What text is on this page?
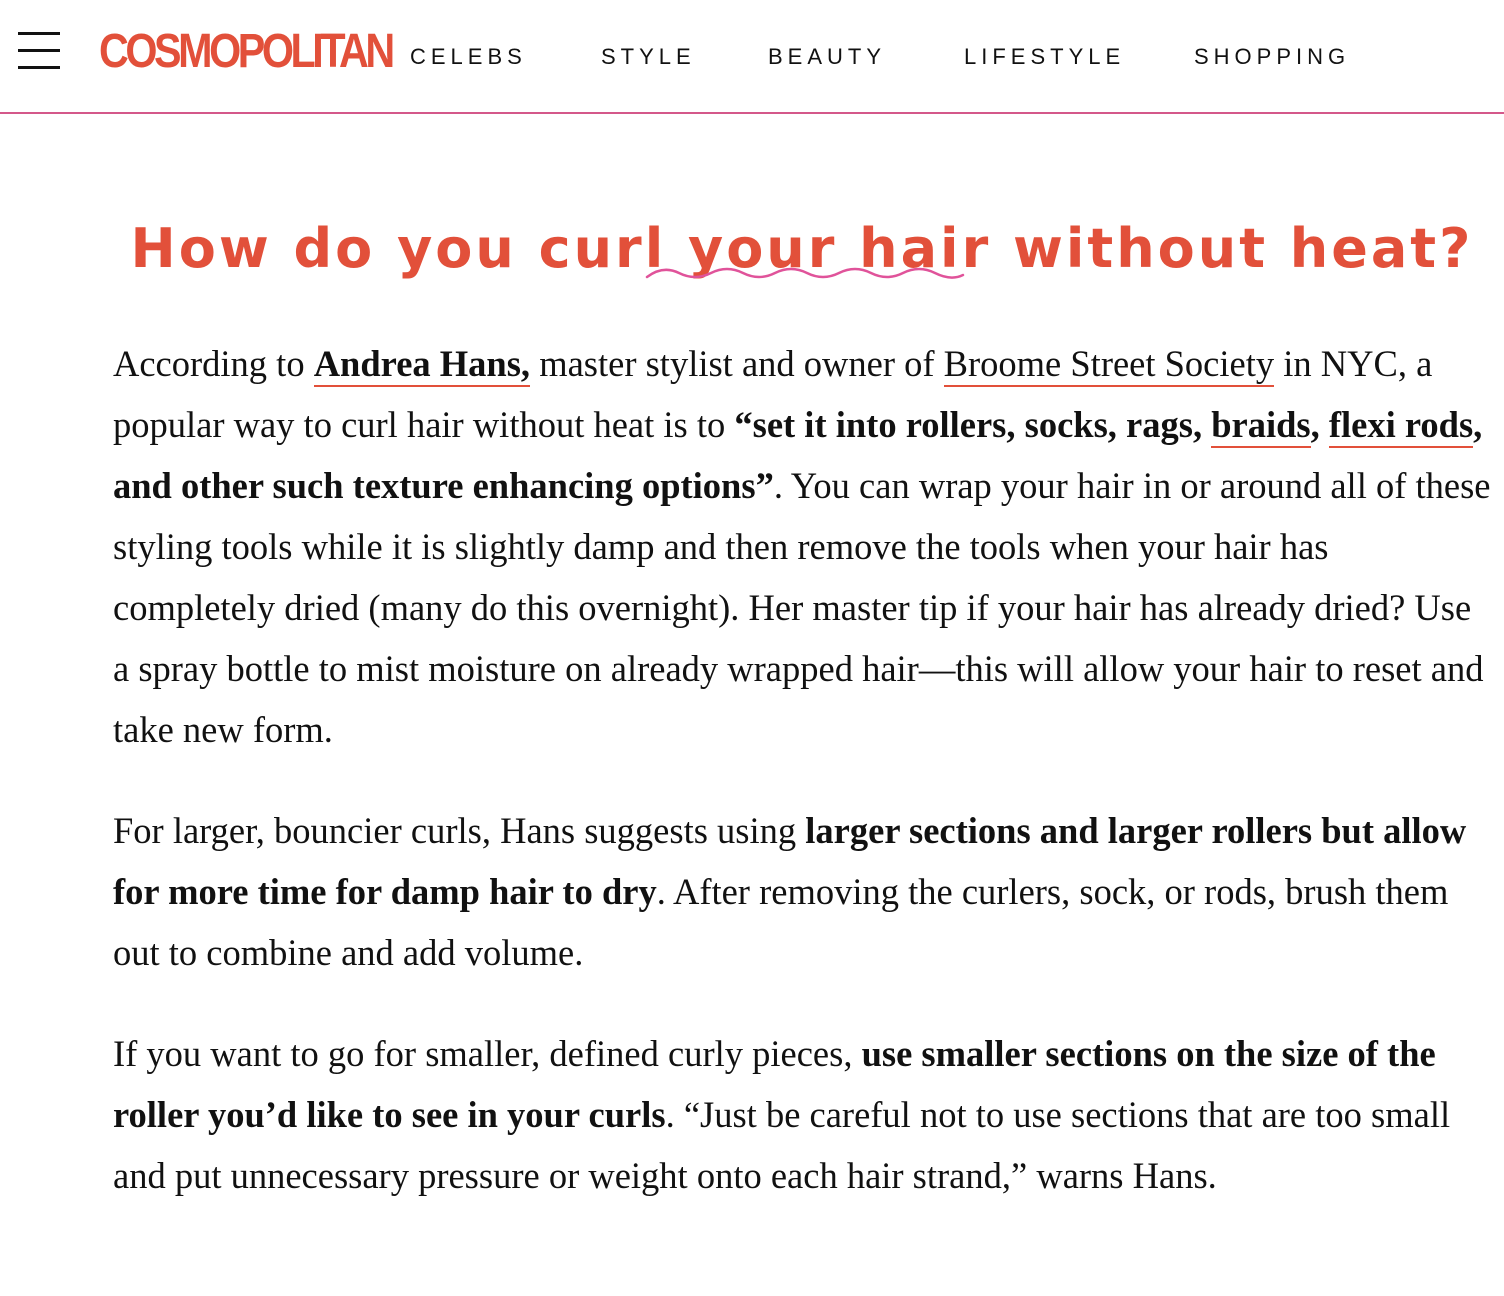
COSMOPOLITAN CELEBS	STYLE	BEAUTY	LIFESTYLE	SHOPPING
How do you curl your hair without heat?

According to Andrea Hans, master stylist and owner of Broome Street Society in NYC, a popular way to curl hair without heat is to “set it into rollers, socks, rags, braids, flexi rods, and other such texture enhancing options”. You can wrap your hair in or around all of these styling tools while it is slightly damp and then remove the tools when your hair has completely dried (many do this overnight). Her master tip if your hair has already dried? Use a spray bottle to mist moisture on already wrapped hair—this will allow your hair to reset and take new form.

For larger, bouncier curls, Hans suggests using larger sections and larger rollers but allow for more time for damp hair to dry. After removing the curlers, sock, or rods, brush them out to combine and add volume.

If you want to go for smaller, defined curly pieces, use smaller sections on the size of the roller you’d like to see in your curls. “Just be careful not to use sections that are too small and put unnecessary pressure or weight onto each hair strand,” warns Hans.
